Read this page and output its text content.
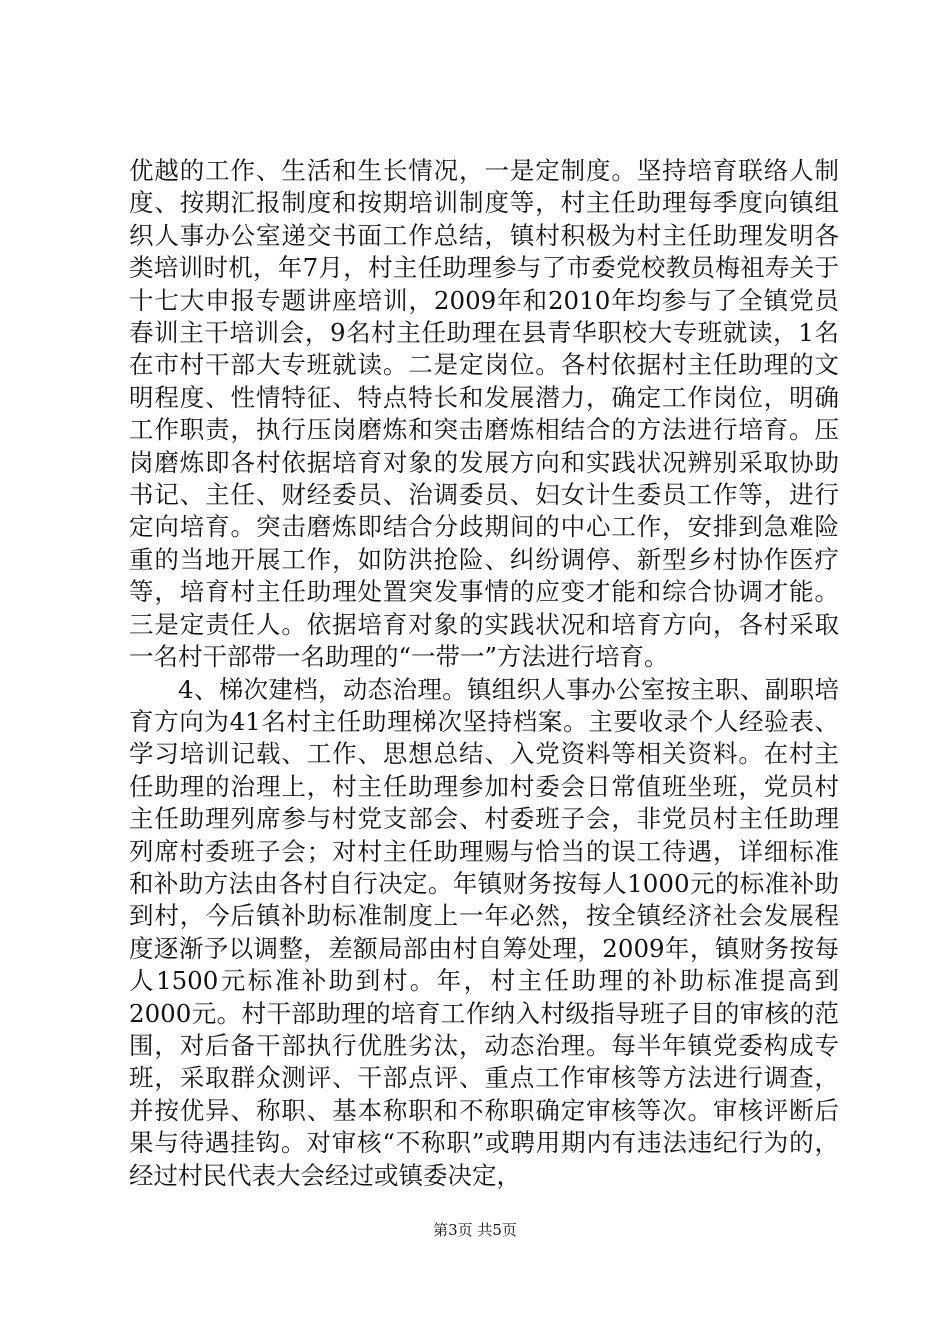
优越的工作、生活和生长情况，一是定制度。坚持培育联络人制度、按期汇报制度和按期培训制度等，村主任助理每季度向镇组织人事办公室递交书面工作总结，镇村积极为村主任助理发明各类培训时机，年7月，村主任助理参与了市委党校教员梅祖寿关于十七大申报专题讲座培训，2009年和2010年均参与了全镇党员春训主干培训会，9名村主任助理在县青华职校大专班就读，1名在市村干部大专班就读。二是定岗位。各村依据村主任助理的文明程度、性情特征、特点特长和发展潜力，确定工作岗位，明确工作职责，执行压岗磨炼和突击磨炼相结合的方法进行培育。压岗磨炼即各村依据培育对象的发展方向和实践状况辨别采取协助书记、主任、财经委员、治调委员、妇女计生委员工作等，进行定向培育。突击磨炼即结合分歧期间的中心工作，安排到急难险重的当地开展工作，如防洪抢险、纠纷调停、新型乡村协作医疗等，培育村主任助理处置突发事情的应变才能和综合协调才能。三是定责任人。依据培育对象的实践状况和培育方向，各村采取一名村干部带一名助理的“一带一”方法进行培育。

4、梯次建档，动态治理。镇组织人事办公室按主职、副职培育方向为41名村主任助理梯次坚持档案。主要收录个人经验表、学习培训记载、工作、思想总结、入党资料等相关资料。在村主任助理的治理上，村主任助理参加村委会日常值班坐班，党员村主任助理列席参与村党支部会、村委班子会，非党员村主任助理列席村委班子会；对村主任助理赐与恰当的误工待遇，详细标准和补助方法由各村自行决定。年镇财务按每人1000元的标准补助到村，今后镇补助标准制度上一年必然，按全镇经济社会发展程度逐渐予以调整，差额局部由村自筹处理，2009年，镇财务按每人1500元标准补助到村。年，村主任助理的补助标准提高到2000元。村干部助理的培育工作纳入村级指导班子目的审核的范围，对后备干部执行优胜劣汰，动态治理。每半年镇党委构成专班，采取群众测评、干部点评、重点工作审核等方法进行调查，并按优异、称职、基本称职和不称职确定审核等次。审核评断后果与待遇挂钩。对审核“不称职”或聘用期内有违法违纪行为的，经过村民代表大会经过或镇委决定，

第3页 共5页
